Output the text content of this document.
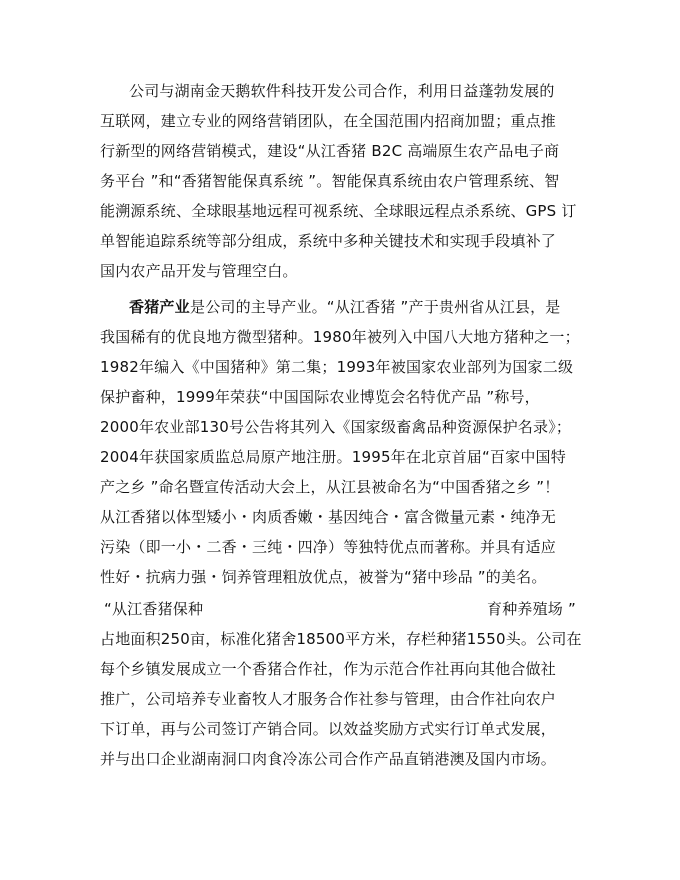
公司与湖南金天鹅软件科技开发公司合作，利用日益蓬勃发展的

互联网，建立专业的网络营销团队，在全国范围内招商加盟；重点推

行新型的网络营销模式，建设“从江香猪 B2C 高端原生农产品电子商

务平台 ”和“香猪智能保真系统 ”。智能保真系统由农户管理系统、智

能溯源系统、全球眼基地远程可视系统、全球眼远程点杀系统、GPS 订

单智能追踪系统等部分组成，系统中多种关键技术和实现手段填补了

国内农产品开发与管理空白。

香猪产业 是公司的主导产业。“从江香猪 ”产于贵州省从江县，是

我国稀有的优良地方微型猪种。1980年被列入中国八大地方猪种之一；

1982年编入《中国猪种》第二集；1993年被国家农业部列为国家二级

保护畜种，1999年荣获“中国国际农业博览会名特优产品 ”称号，

2000年农业部130号公告将其列入《国家级畜禽品种资源保护名录》；

2004年获国家质监总局原产地注册。1995年在北京首届“百家中国特

产之乡 ”命名暨宣传活动大会上，从江县被命名为“中国香猪之乡 ”！

从江香猪以体型矮小・肉质香嫩・基因纯合・富含微量元素・纯净无

污染（即一小・二香・三纯・四净）等独特优点而著称。并具有适应

性好・抗病力强・饲养管理粗放优点，被誉为“猪中珍品 ”的美名。

“从江香猪保种	育种养殖场 ”

占地面积250亩，标准化猪舍18500平方米，存栏种猪1550头。公司在

每个乡镇发展成立一个香猪合作社，作为示范合作社再向其他合做社

推广，公司培养专业畜牧人才服务合作社参与管理，由合作社向农户

下订单，再与公司签订产销合同。以效益奖励方式实行订单式发展，

并与出口企业湖南洞口肉食冷冻公司合作产品直销港澳及国内市场。
